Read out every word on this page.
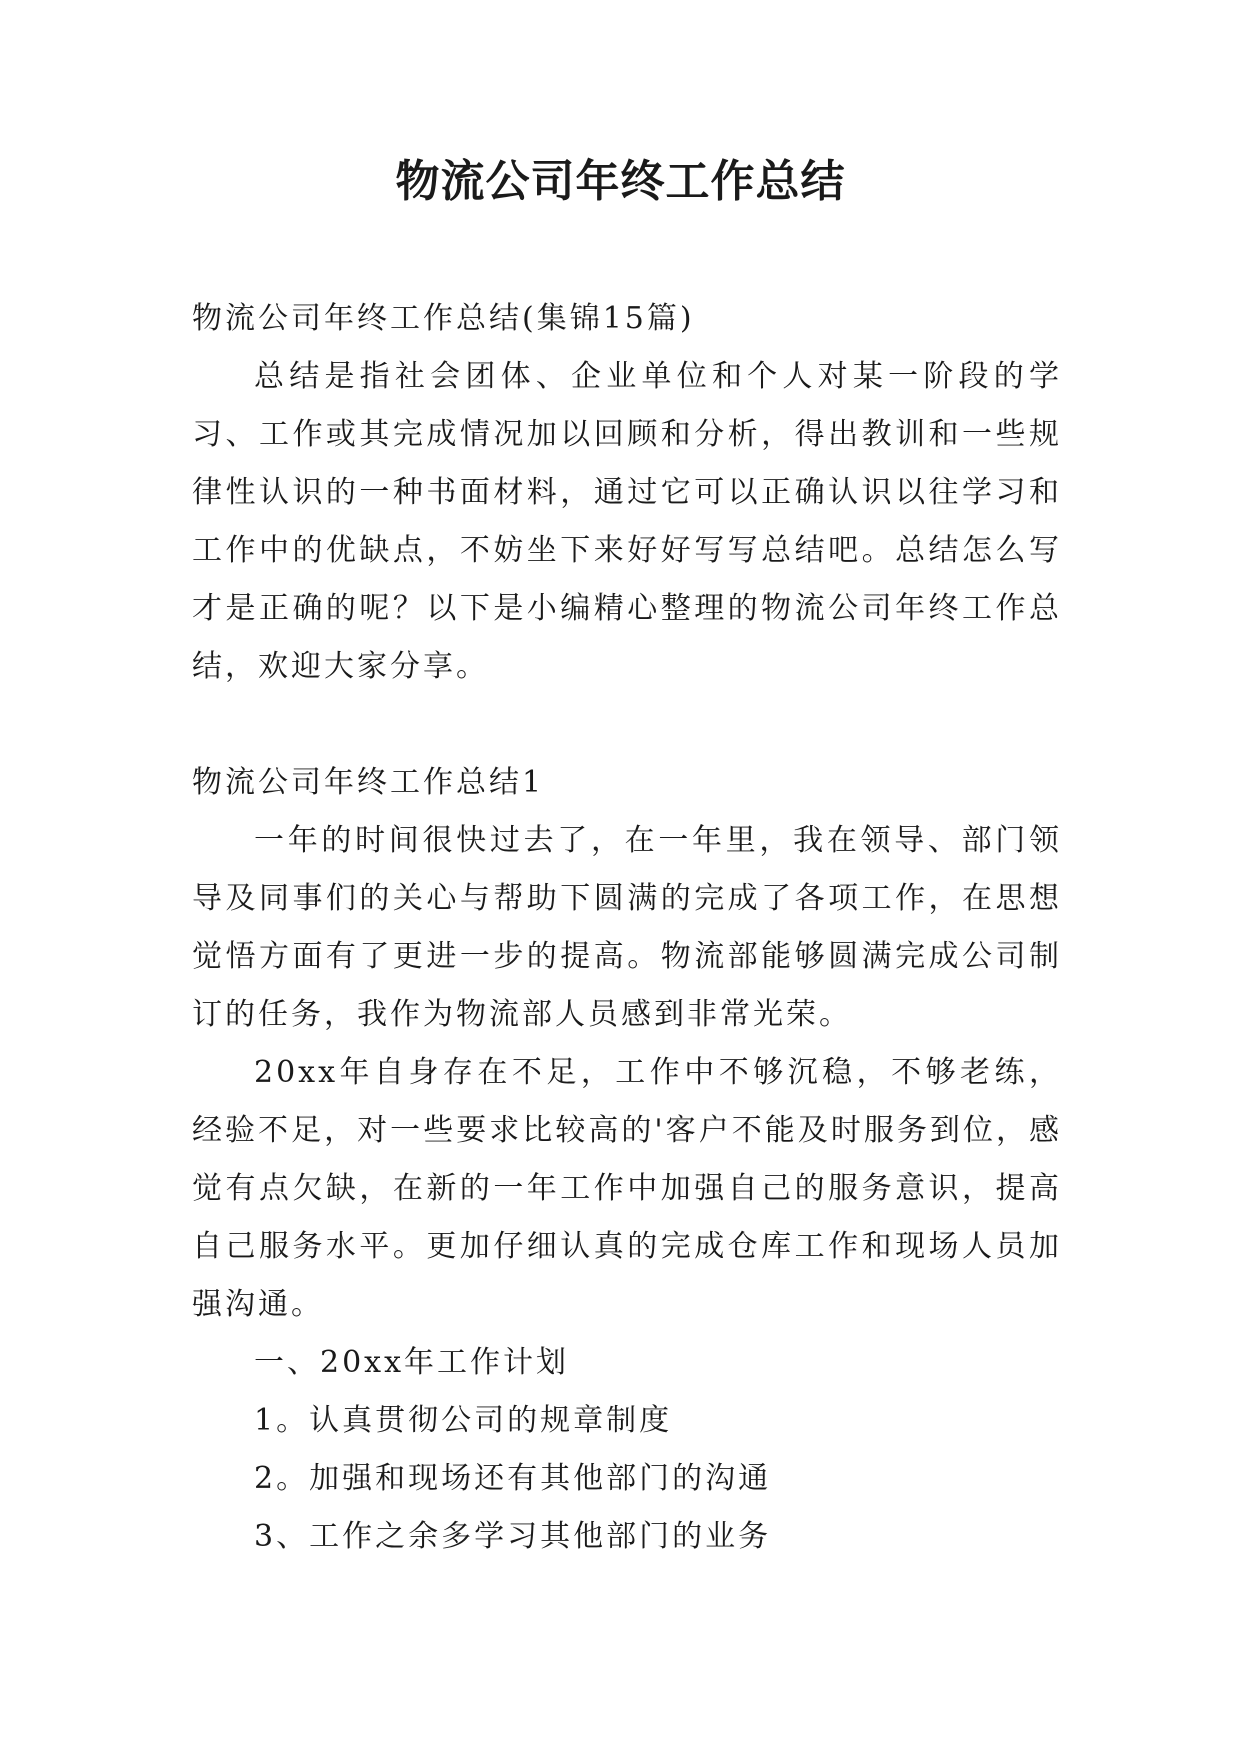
物流公司年终工作总结

物流公司年终工作总结(集锦15篇)

总结是指社会团体、企业单位和个人对某一阶段的学习、工作或其完成情况加以回顾和分析，得出教训和一些规律性认识的一种书面材料，通过它可以正确认识以往学习和工作中的优缺点，不妨坐下来好好写写总结吧。总结怎么写才是正确的呢？以下是小编精心整理的物流公司年终工作总结，欢迎大家分享。

物流公司年终工作总结1

一年的时间很快过去了，在一年里，我在领导、部门领导及同事们的关心与帮助下圆满的完成了各项工作，在思想觉悟方面有了更进一步的提高。物流部能够圆满完成公司制订的任务，我作为物流部人员感到非常光荣。

20xx年自身存在不足，工作中不够沉稳，不够老练，经验不足，对一些要求比较高的'客户不能及时服务到位，感觉有点欠缺，在新的一年工作中加强自己的服务意识，提高自己服务水平。更加仔细认真的完成仓库工作和现场人员加强沟通。

一、20xx年工作计划

1。认真贯彻公司的规章制度

2。加强和现场还有其他部门的沟通

3、工作之余多学习其他部门的业务
